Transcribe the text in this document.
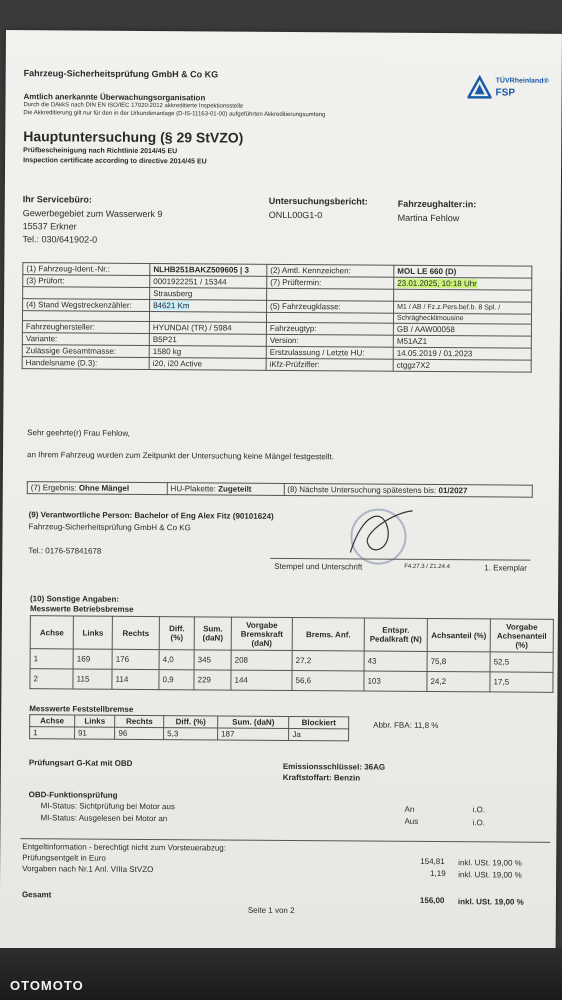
Fahrzeug-Sicherheitsprüfung GmbH & Co KG
Amtlich anerkannte Überwachungsorganisation
Durch die DAkkS nach DIN EN ISO/IEC 17020:2012 akkreditierte Inspektionsstelle
Die Akkreditierung gilt nur für den in der Urkundenanlage (D-IS-11163-01-00) aufgeführten Akkreditierungsumfang
TÜVRheinland®
FSP
Hauptuntersuchung (§ 29 StVZO)
Prüfbescheinigung nach Richtlinie 2014/45 EU
Inspection certificate according to directive 2014/45 EU
Ihr Servicebüro:
Gewerbegebiet zum Wasserwerk 9
15537 Erkner
Tel.: 030/641902-0
Untersuchungsbericht:
ONLL00G1-0
Fahrzeughalter:in:
Martina Fehlow
(1) Fahrzeug-Ident.-Nr.:	NLHB251BAKZ509605 | 3	(2) Amtl. Kennzeichen:	MOL LE 660 (D)
(3) Prüfort:	0001922251 / 15344	(7) Prüftermin:	23.01.2025, 10:18 Uhr
	Strausberg		
(4) Stand Wegstreckenzähler:	84621 Km	(5) Fahrzeugklasse:	M1 / AB / Fz.z.Pers.bef.b. 8 Spl. /
			Schräghecklimousine
Fahrzeughersteller:	HYUNDAI (TR) / 5984	Fahrzeugtyp:	GB / AAW00058
Variante:	B5P21	Version:	M51AZ1
Zulässige Gesamtmasse:	1580 kg	Erstzulassung / Letzte HU:	14.05.2019 / 01.2023
Handelsname (D.3):	i20, i20 Active	iKfz-Prüfziffer:	ctggz7X2
Sehr geehrte(r) Frau Fehlow,
an Ihrem Fahrzeug wurden zum Zeitpunkt der Untersuchung keine Mängel festgestellt.
(7) Ergebnis: Ohne Mängel	HU-Plakette: Zugeteilt	(8) Nächste Untersuchung spätestens bis: 01/2027
(9) Verantwortliche Person: Bachelor of Eng Alex Fitz (90101624)
Fahrzeug-Sicherheitsprüfung GmbH & Co KG
Tel.: 0176-57841678
Stempel und Unterschrift	F4.27.3 / Z1.24.4	1. Exemplar
(10) Sonstige Angaben:
Messwerte Betriebsbremse
Achse	Links	Rechts	Diff. (%)	Sum. (daN)	Vorgabe Bremskraft (daN)	Brems. Anf.	Entspr. Pedalkraft (N)	Achsanteil (%)	Vorgabe Achsenanteil (%)
1	169	176	4,0	345	208	27,2	43	75,8	52,5
2	115	114	0,9	229	144	56,6	103	24,2	17,5
Messwerte Feststellbremse
Achse	Links	Rechts	Diff. (%)	Sum. (daN)	Blockiert
1	91	96	5,3	187	Ja
Abbr. FBA: 11,8 %
Prüfungsart G-Kat mit OBD	Emissionsschlüssel: 36AG
Kraftstoffart: Benzin
OBD-Funktionsprüfung
MI-Status: Sichtprüfung bei Motor aus	An	i.O.
MI-Status: Ausgelesen bei Motor an	Aus	i.O.
Entgeltinformation - berechtigt nicht zum Vorsteuerabzug:
Prüfungsentgelt in Euro	154,81 inkl. USt. 19,00 %
Vorgaben nach Nr.1 Anl. VIIIa StVZO	1,19 inkl. USt. 19,00 %
Gesamt
156,00 inkl. USt. 19,00 %
Seite 1 von 2
OTOMOTO
